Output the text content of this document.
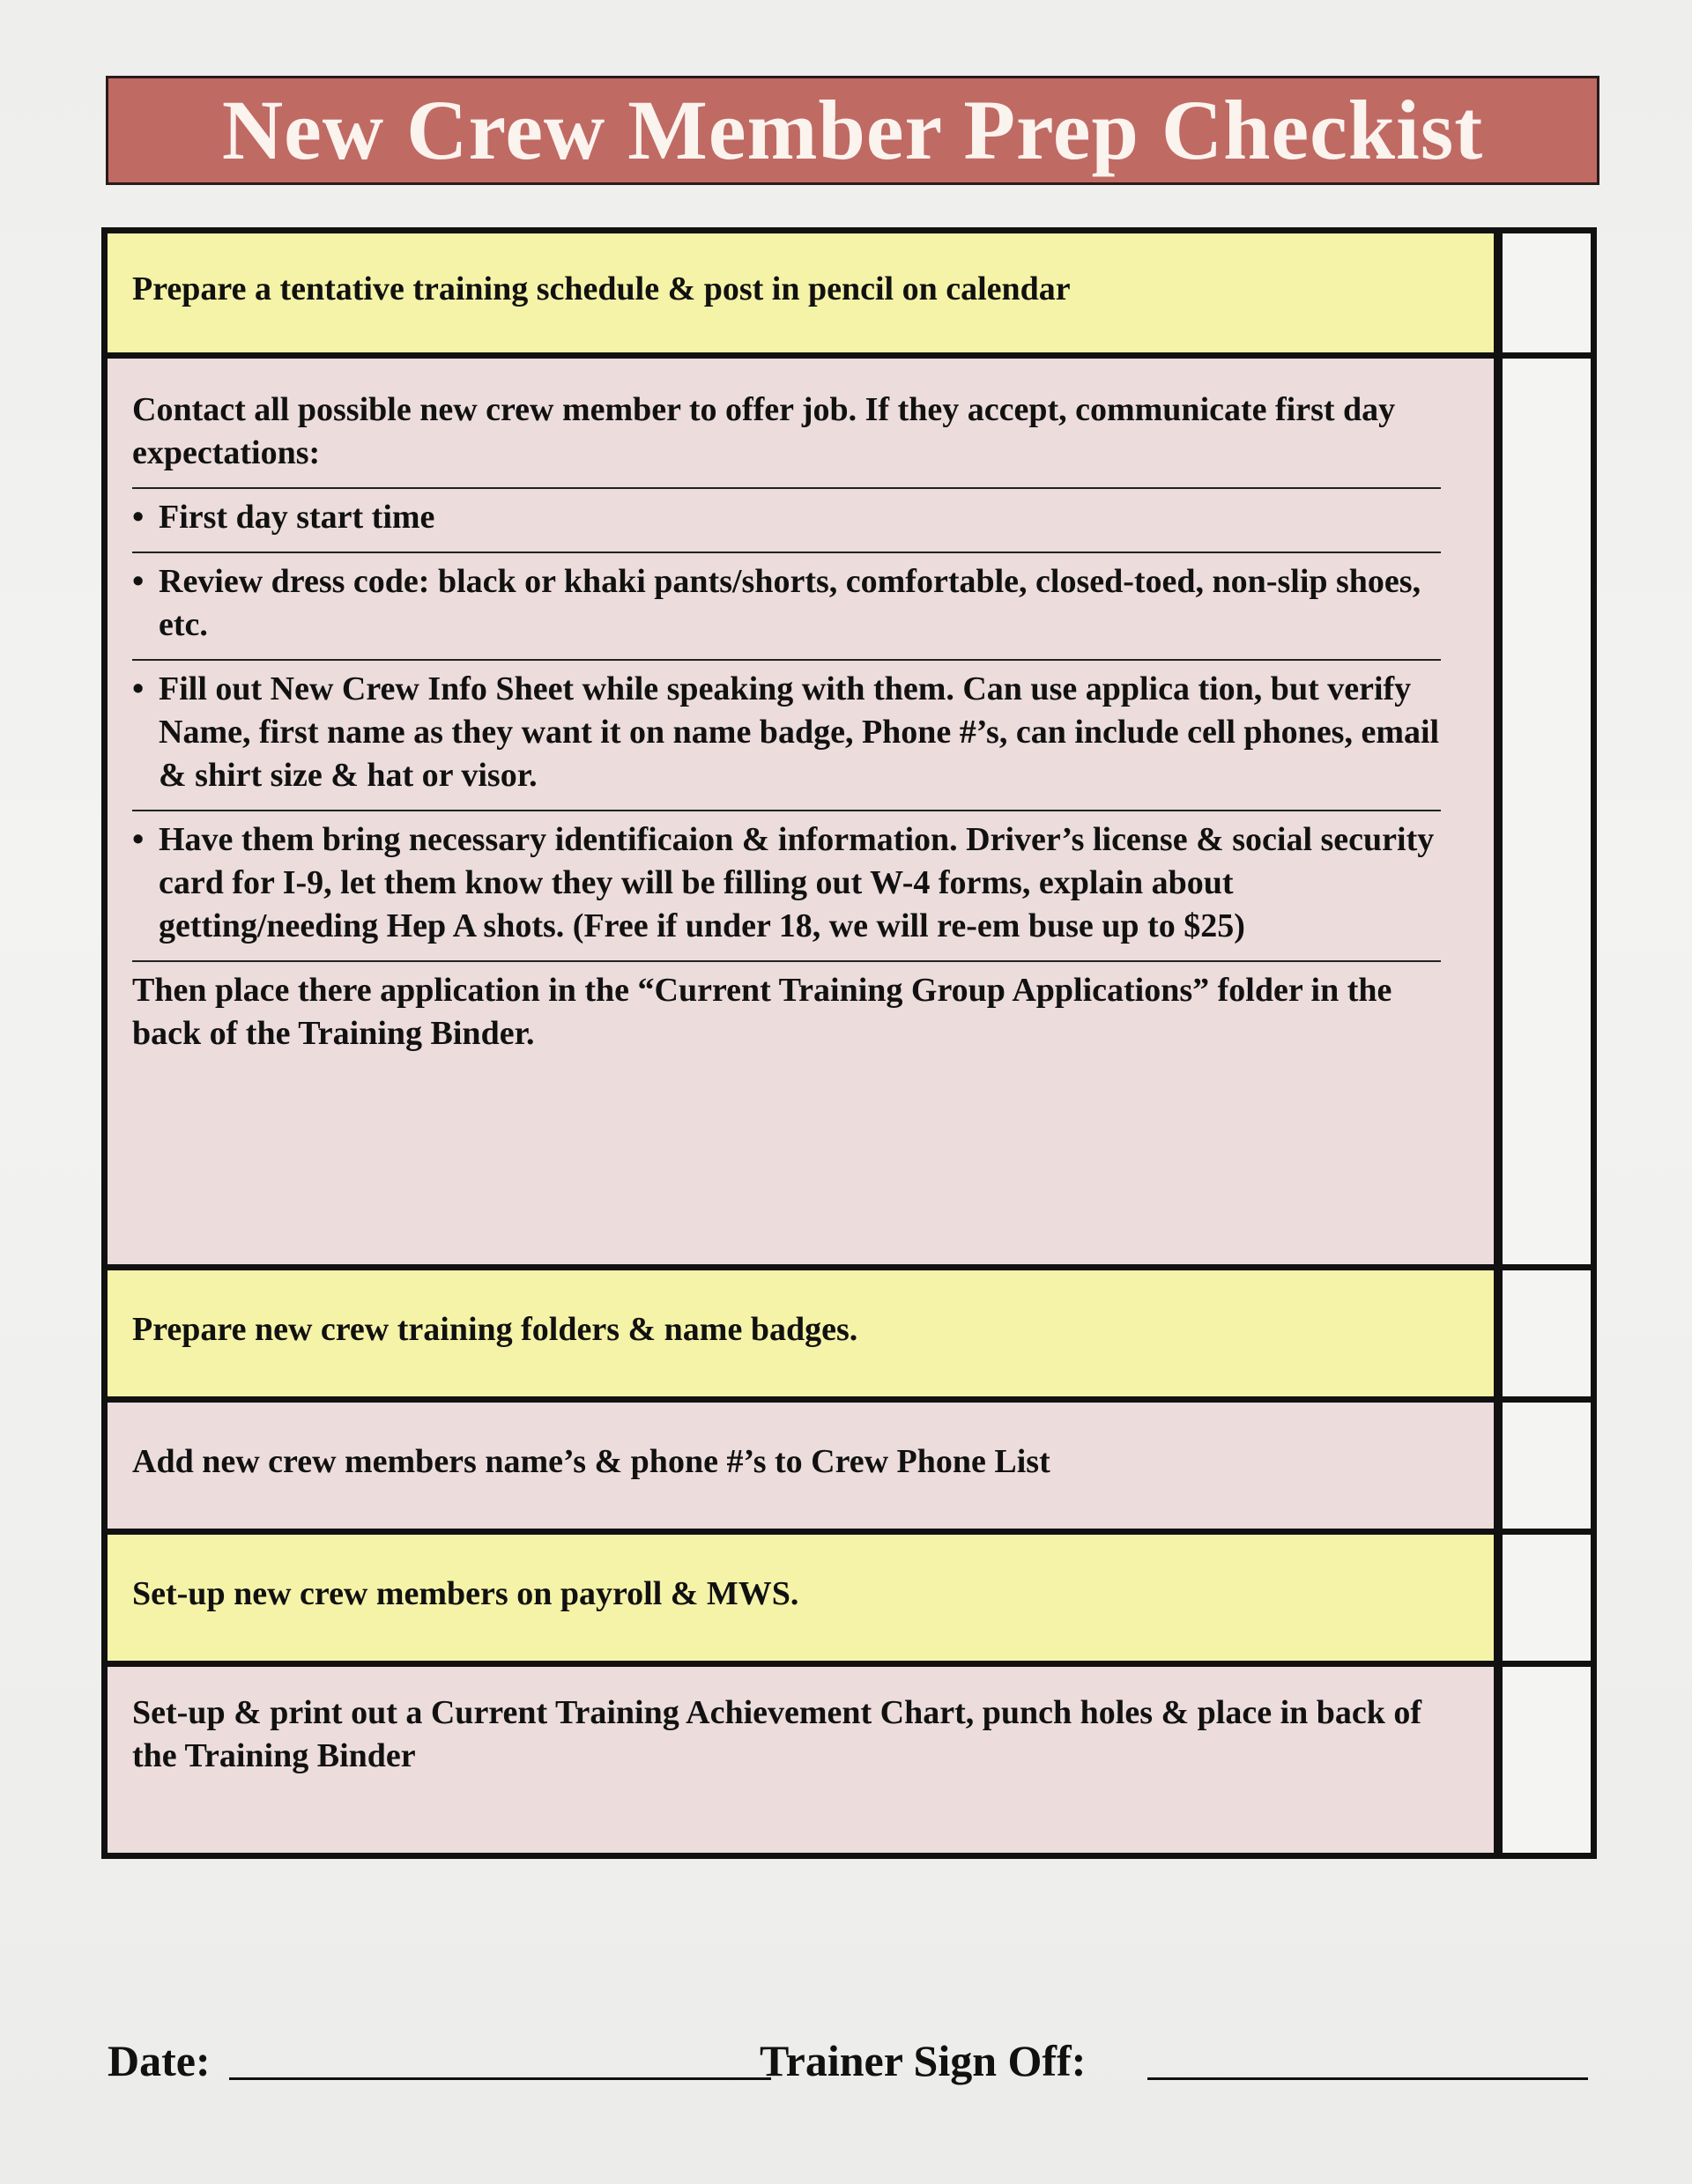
New Crew Member Prep Checkist
Prepare a tentative training schedule & post in pencil on calendar
Contact all possible new crew member to offer job. If they accept, communicate first day expectations:
• First day start time
• Review dress code: black or khaki pants/shorts, comfortable, closed-toed, non-slip shoes, etc.
• Fill out New Crew Info Sheet while speaking with them. Can use applica tion, but verify Name, first name as they want it on name badge, Phone #’s, can include cell phones, email & shirt size & hat or visor.
• Have them bring necessary identificaion & information. Driver’s license & social security card for I-9, let them know they will be filling out W-4 forms, explain about getting/needing Hep A shots. (Free if under 18, we will re-em buse up to $25)
Then place there application in the “Current Training Group Applications” folder in the back of the Training Binder.
Prepare new crew training folders & name badges.
Add new crew members name’s & phone #’s to Crew Phone List
Set-up new crew members on payroll & MWS.
Set-up & print out a Current Training Achievement Chart, punch holes & place in back of the Training Binder
Date:	Trainer Sign Off:
